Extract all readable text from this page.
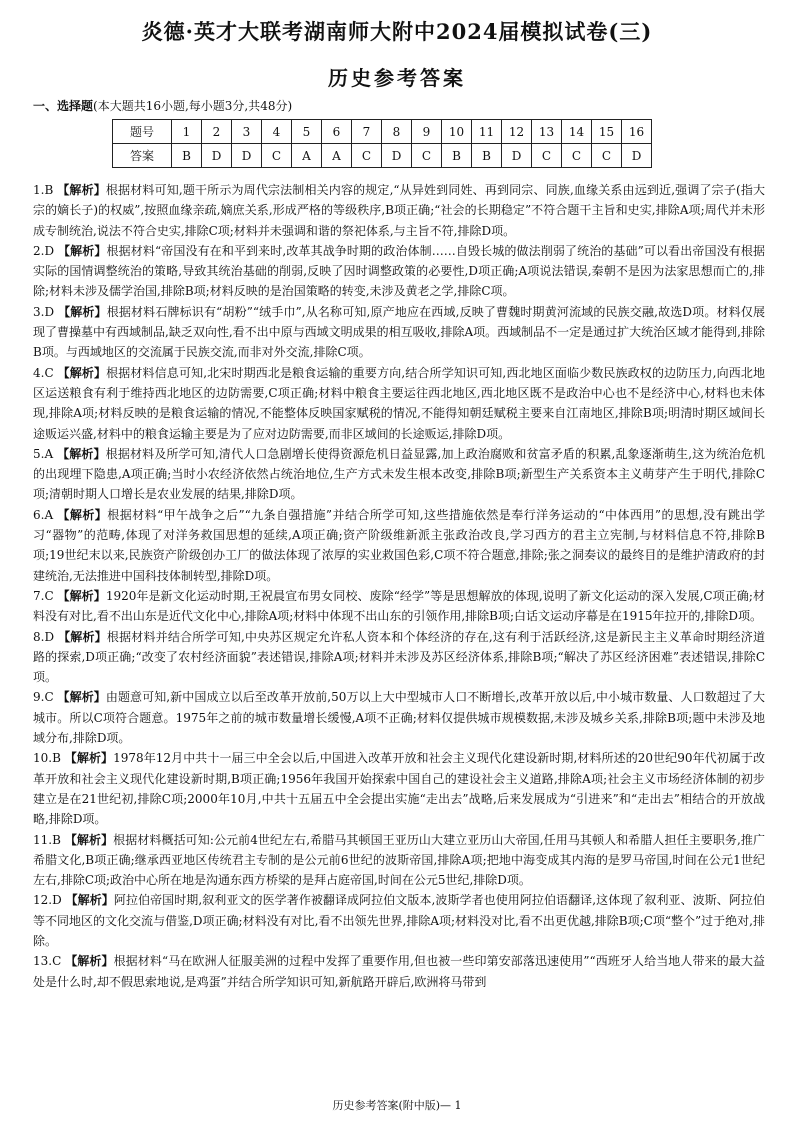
炎德·英才大联考湖南师大附中2024届模拟试卷(三)
历史参考答案
一、选择题(本大题共16小题,每小题3分,共48分)
题号	1	2	3	4	5	6	7	8	9	10	11	12	13	14	15	16
答案	B	D	D	C	A	A	C	D	C	B	B	D	C	C	C	D

1.B 【解析】根据材料可知,题干所示为周代宗法制相关内容的规定,“从异姓到同姓、再到同宗、同族,血缘关系由远到近,强调了宗子(指大宗的嫡长子)的权威”,按照血缘亲疏,嫡庶关系,形成严格的等级秩序,B项正确;“社会的长期稳定”不符合题干主旨和史实,排除A项;周代并未形成专制统治,说法不符合史实,排除C项;材料并未强调和谐的祭祀体系,与主旨不符,排除D项。

2.D 【解析】根据材料“帝国没有在和平到来时,改革其战争时期的政治体制……自毁长城的做法削弱了统治的基础”可以看出帝国没有根据实际的国情调整统治的策略,导致其统治基础的削弱,反映了因时调整政策的必要性,D项正确;A项说法错误,秦朝不是因为法家思想而亡的,排除;材料未涉及儒学治国,排除B项;材料反映的是治国策略的转变,未涉及黄老之学,排除C项。

3.D 【解析】根据材料石牌标识有“胡粉”“绒手巾”,从名称可知,原产地应在西域,反映了曹魏时期黄河流域的民族交融,故选D项。材料仅展现了曹操墓中有西域制品,缺乏双向性,看不出中原与西域文明成果的相互吸收,排除A项。西域制品不一定是通过扩大统治区域才能得到,排除B项。与西域地区的交流属于民族交流,而非对外交流,排除C项。

4.C 【解析】根据材料信息可知,北宋时期西北是粮食运输的重要方向,结合所学知识可知,西北地区面临少数民族政权的边防压力,向西北地区运送粮食有利于维持西北地区的边防需要,C项正确;材料中粮食主要运往西北地区,西北地区既不是政治中心也不是经济中心,材料也未体现,排除A项;材料反映的是粮食运输的情况,不能整体反映国家赋税的情况,不能得知朝廷赋税主要来自江南地区,排除B项;明清时期区域间长途贩运兴盛,材料中的粮食运输主要是为了应对边防需要,而非区域间的长途贩运,排除D项。

5.A 【解析】根据材料及所学可知,清代人口急剧增长使得资源危机日益显露,加上政治腐败和贫富矛盾的积累,乱象逐渐萌生,这为统治危机的出现埋下隐患,A项正确;当时小农经济依然占统治地位,生产方式未发生根本改变,排除B项;新型生产关系资本主义萌芽产生于明代,排除C项;清朝时期人口增长是农业发展的结果,排除D项。

6.A 【解析】根据材料“甲午战争之后”“九条自强措施”并结合所学可知,这些措施依然是奉行洋务运动的“中体西用”的思想,没有跳出学习“器物”的范畴,体现了对洋务救国思想的延续,A项正确;资产阶级维新派主张政治改良,学习西方的君主立宪制,与材料信息不符,排除B项;19世纪末以来,民族资产阶级创办工厂的做法体现了浓厚的实业救国色彩,C项不符合题意,排除;张之洞奏议的最终目的是维护清政府的封建统治,无法推进中国科技体制转型,排除D项。

7.C 【解析】1920年是新文化运动时期,王祝晨宣布男女同校、废除“经学”等是思想解放的体现,说明了新文化运动的深入发展,C项正确;材料没有对比,看不出山东是近代文化中心,排除A项;材料中体现不出山东的引领作用,排除B项;白话文运动序幕是在1915年拉开的,排除D项。

8.D 【解析】根据材料并结合所学可知,中央苏区规定允许私人资本和个体经济的存在,这有利于活跃经济,这是新民主主义革命时期经济道路的探索,D项正确;“改变了农村经济面貌”表述错误,排除A项;材料并未涉及苏区经济体系,排除B项;“解决了苏区经济困难”表述错误,排除C项。

9.C 【解析】由题意可知,新中国成立以后至改革开放前,50万以上大中型城市人口不断增长,改革开放以后,中小城市数量、人口数超过了大城市。所以C项符合题意。1975年之前的城市数量增长缓慢,A项不正确;材料仅提供城市规模数据,未涉及城乡关系,排除B项;题中未涉及地域分布,排除D项。

10.B 【解析】1978年12月中共十一届三中全会以后,中国进入改革开放和社会主义现代化建设新时期,材料所述的20世纪90年代初属于改革开放和社会主义现代化建设新时期,B项正确;1956年我国开始探索中国自己的建设社会主义道路,排除A项;社会主义市场经济体制的初步建立是在21世纪初,排除C项;2000年10月,中共十五届五中全会提出实施“走出去”战略,后来发展成为“引进来”和“走出去”相结合的开放战略,排除D项。

11.B 【解析】根据材料概括可知:公元前4世纪左右,希腊马其顿国王亚历山大建立亚历山大帝国,任用马其顿人和希腊人担任主要职务,推广希腊文化,B项正确;继承西亚地区传统君主专制的是公元前6世纪的波斯帝国,排除A项;把地中海变成其内海的是罗马帝国,时间在公元1世纪左右,排除C项;政治中心所在地是沟通东西方桥梁的是拜占庭帝国,时间在公元5世纪,排除D项。

12.D 【解析】阿拉伯帝国时期,叙利亚文的医学著作被翻译成阿拉伯文版本,波斯学者也使用阿拉伯语翻译,这体现了叙利亚、波斯、阿拉伯等不同地区的文化交流与借鉴,D项正确;材料没有对比,看不出领先世界,排除A项;材料没对比,看不出更优越,排除B项;C项“整个”过于绝对,排除。

13.C 【解析】根据材料“马在欧洲人征服美洲的过程中发挥了重要作用,但也被一些印第安部落迅速使用”“西班牙人给当地人带来的最大益处是什么时,却不假思索地说,是鸡蛋”并结合所学知识可知,新航路开辟后,欧洲将马带到

历史参考答案(附中版)— 1
